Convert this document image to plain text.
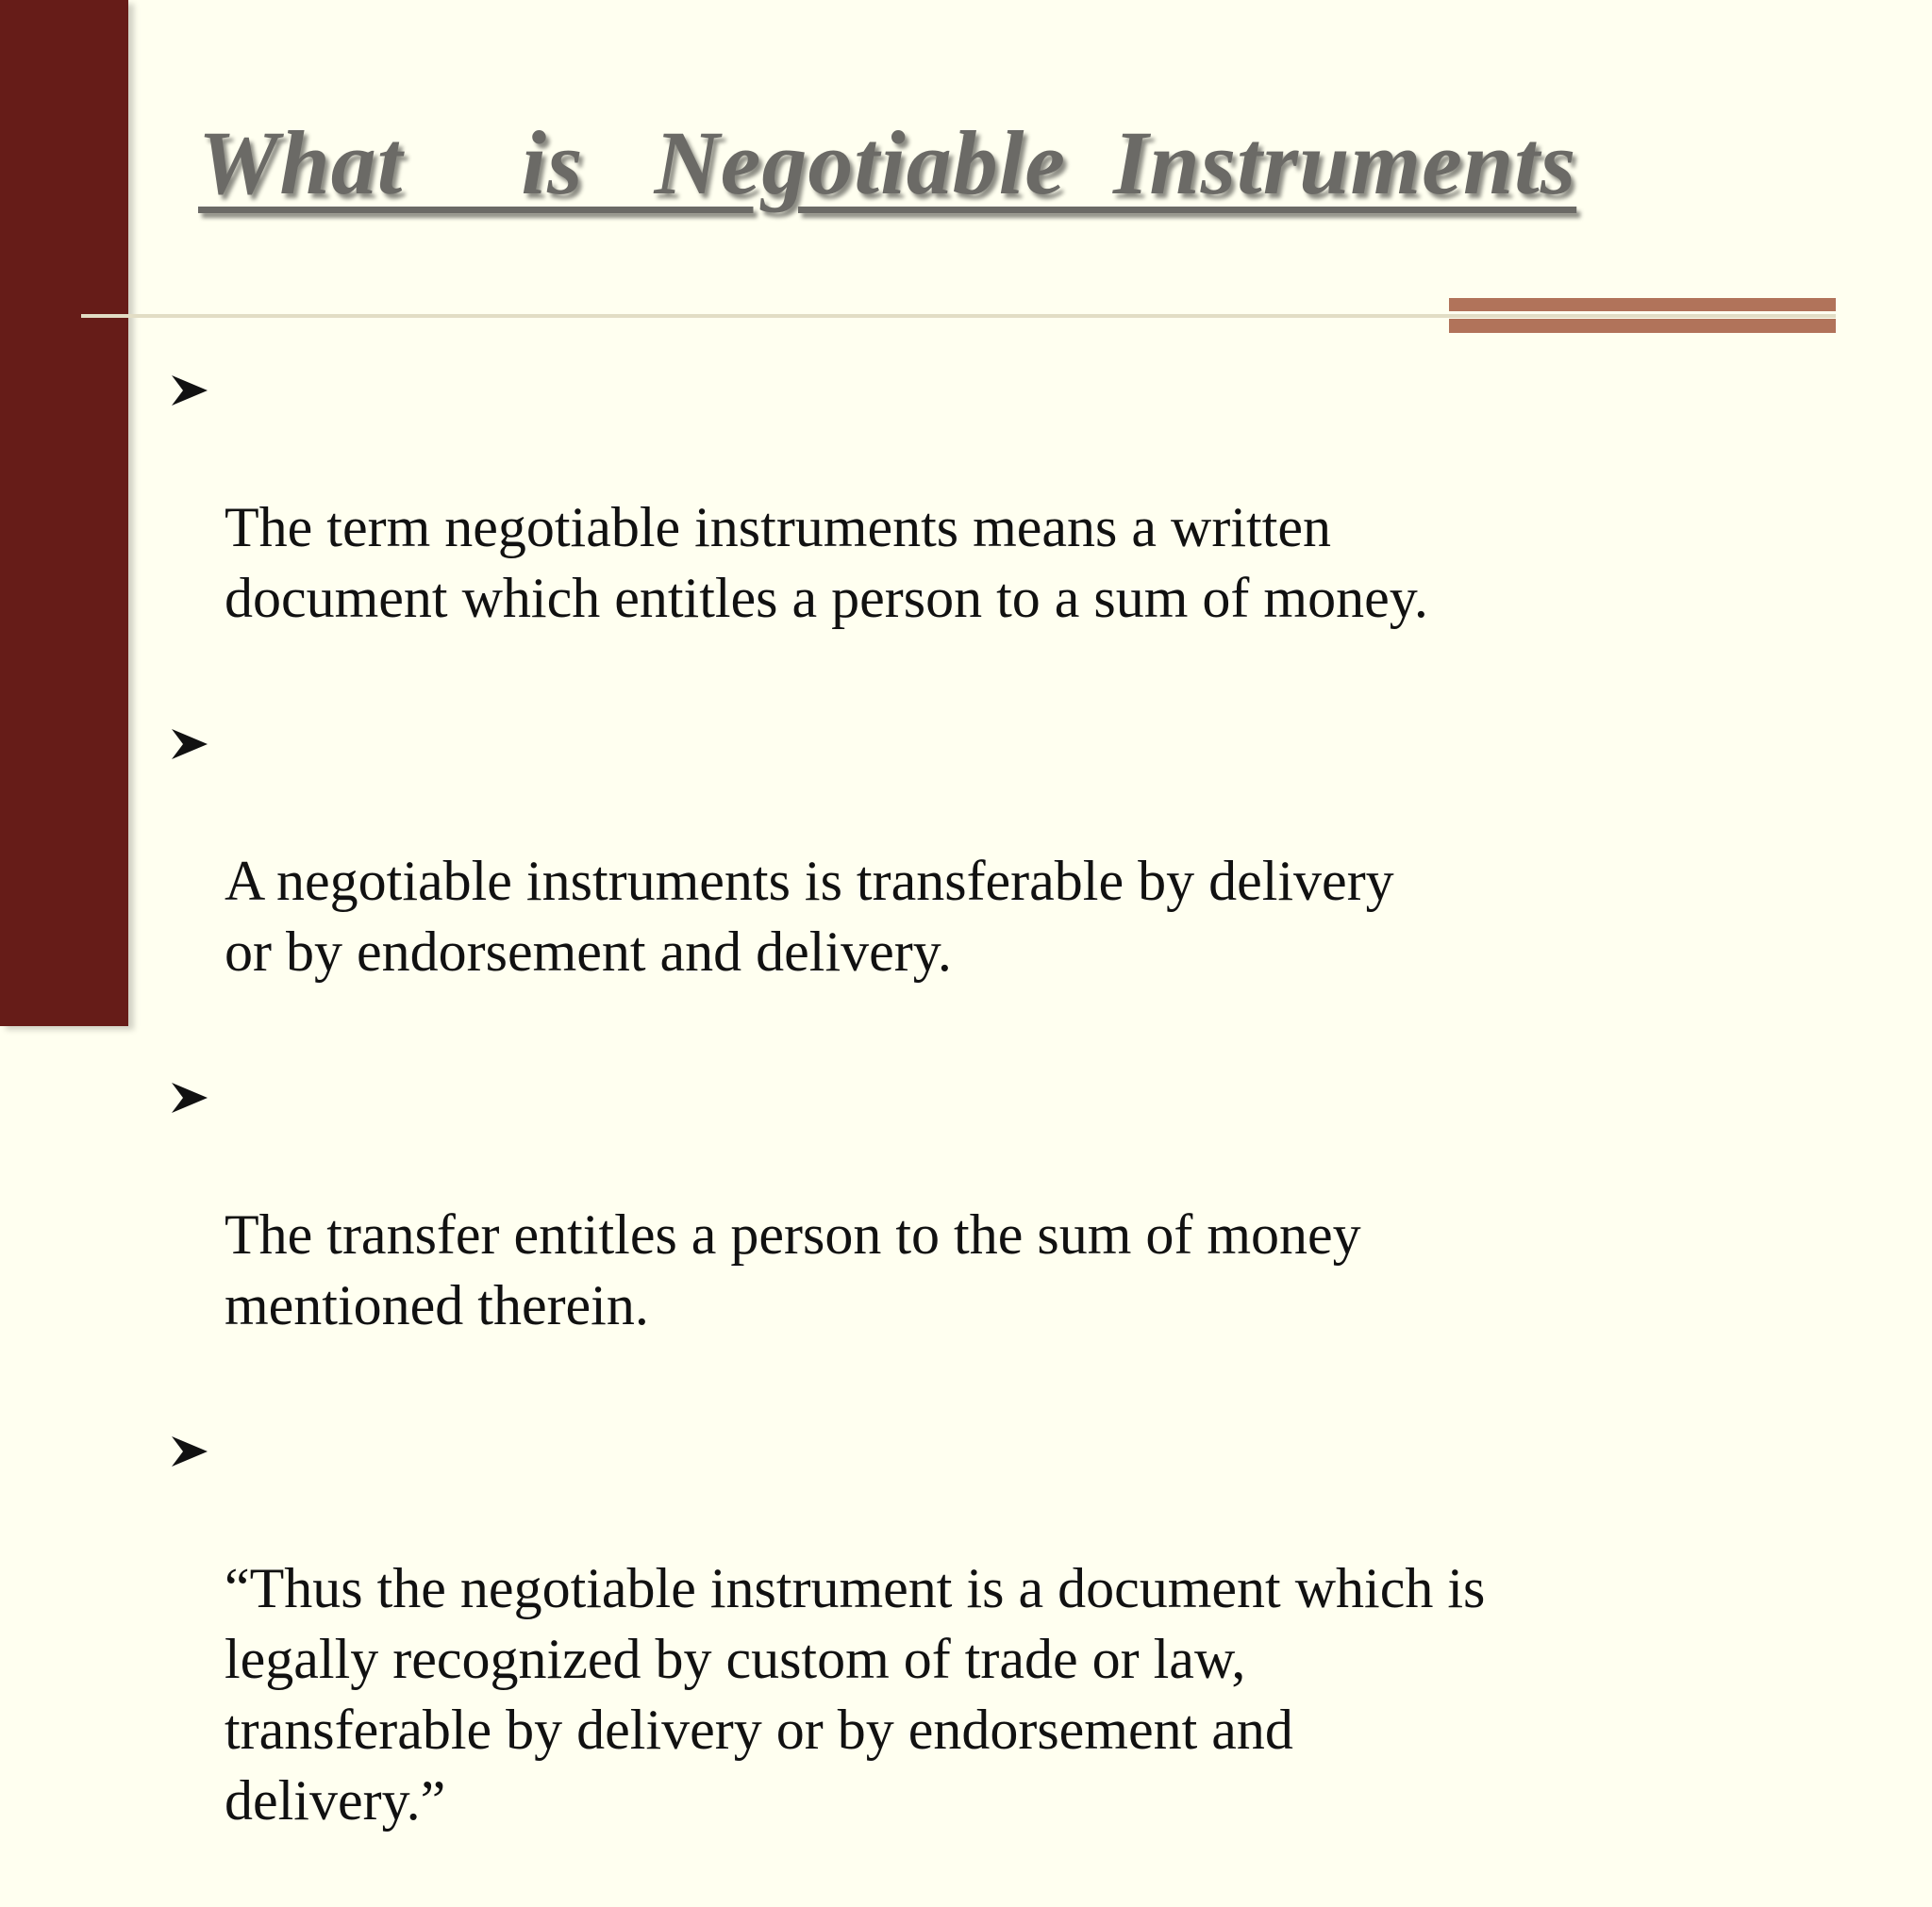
What     is   Negotiable  Instruments

The term negotiable instruments means a written
document which entitles a person to a sum of money.

A negotiable instruments is transferable by delivery
or by endorsement and delivery.

The transfer entitles a person to the sum of money
mentioned therein.

“Thus the negotiable instrument is a document which is
legally recognized by custom of trade or law,
transferable by delivery or by endorsement and
delivery.”
